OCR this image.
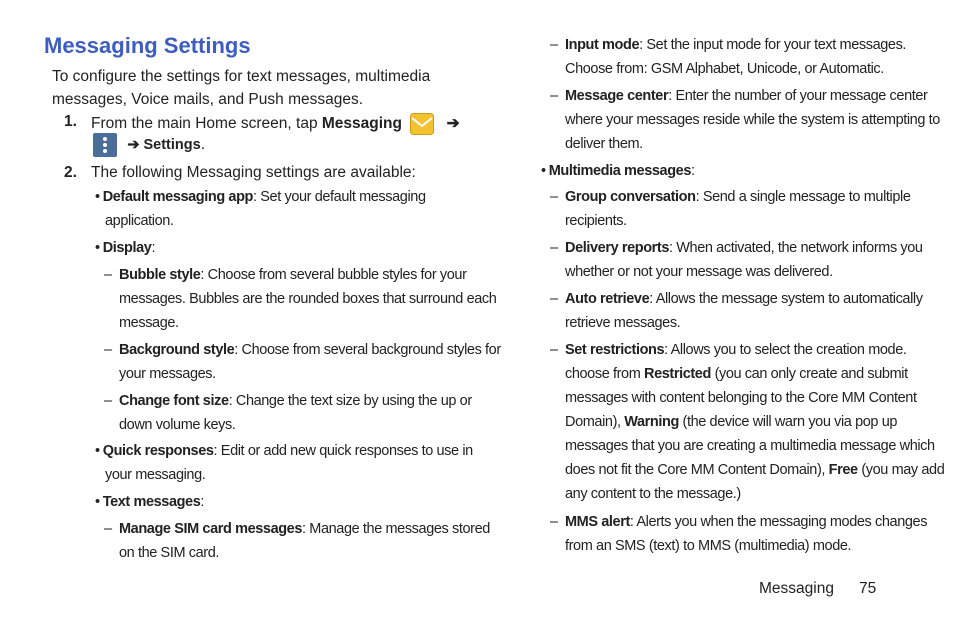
Messaging Settings

To configure the settings for text messages, multimedia messages, Voice mails, and Push messages.

1. From the main Home screen, tap Messaging	➔
➔ Settings.
2. The following Messaging settings are available:
• Default messaging app: Set your default messaging
application.
• Display:
– Bubble style: Choose from several bubble styles for your
messages. Bubbles are the rounded boxes that surround each
message.
– Background style: Choose from several background styles for
your messages.
– Change font size: Change the text size by using the up or
down volume keys.
• Quick responses: Edit or add new quick responses to use in
your messaging.
• Text messages:
– Manage SIM card messages: Manage the messages stored
on the SIM card.
– Input mode: Set the input mode for your text messages.
Choose from: GSM Alphabet, Unicode, or Automatic.
– Message center: Enter the number of your message center
where your messages reside while the system is attempting to
deliver them.
• Multimedia messages:
– Group conversation: Send a single message to multiple
recipients.
– Delivery reports: When activated, the network informs you
whether or not your message was delivered.
– Auto retrieve: Allows the message system to automatically
retrieve messages.
– Set restrictions: Allows you to select the creation mode.
choose from Restricted (you can only create and submit
messages with content belonging to the Core MM Content
Domain), Warning (the device will warn you via pop up
messages that you are creating a multimedia message which
does not fit the Core MM Content Domain), Free (you may add
any content to the message.)
– MMS alert: Alerts you when the messaging modes changes
from an SMS (text) to MMS (multimedia) mode.
Messaging 75
